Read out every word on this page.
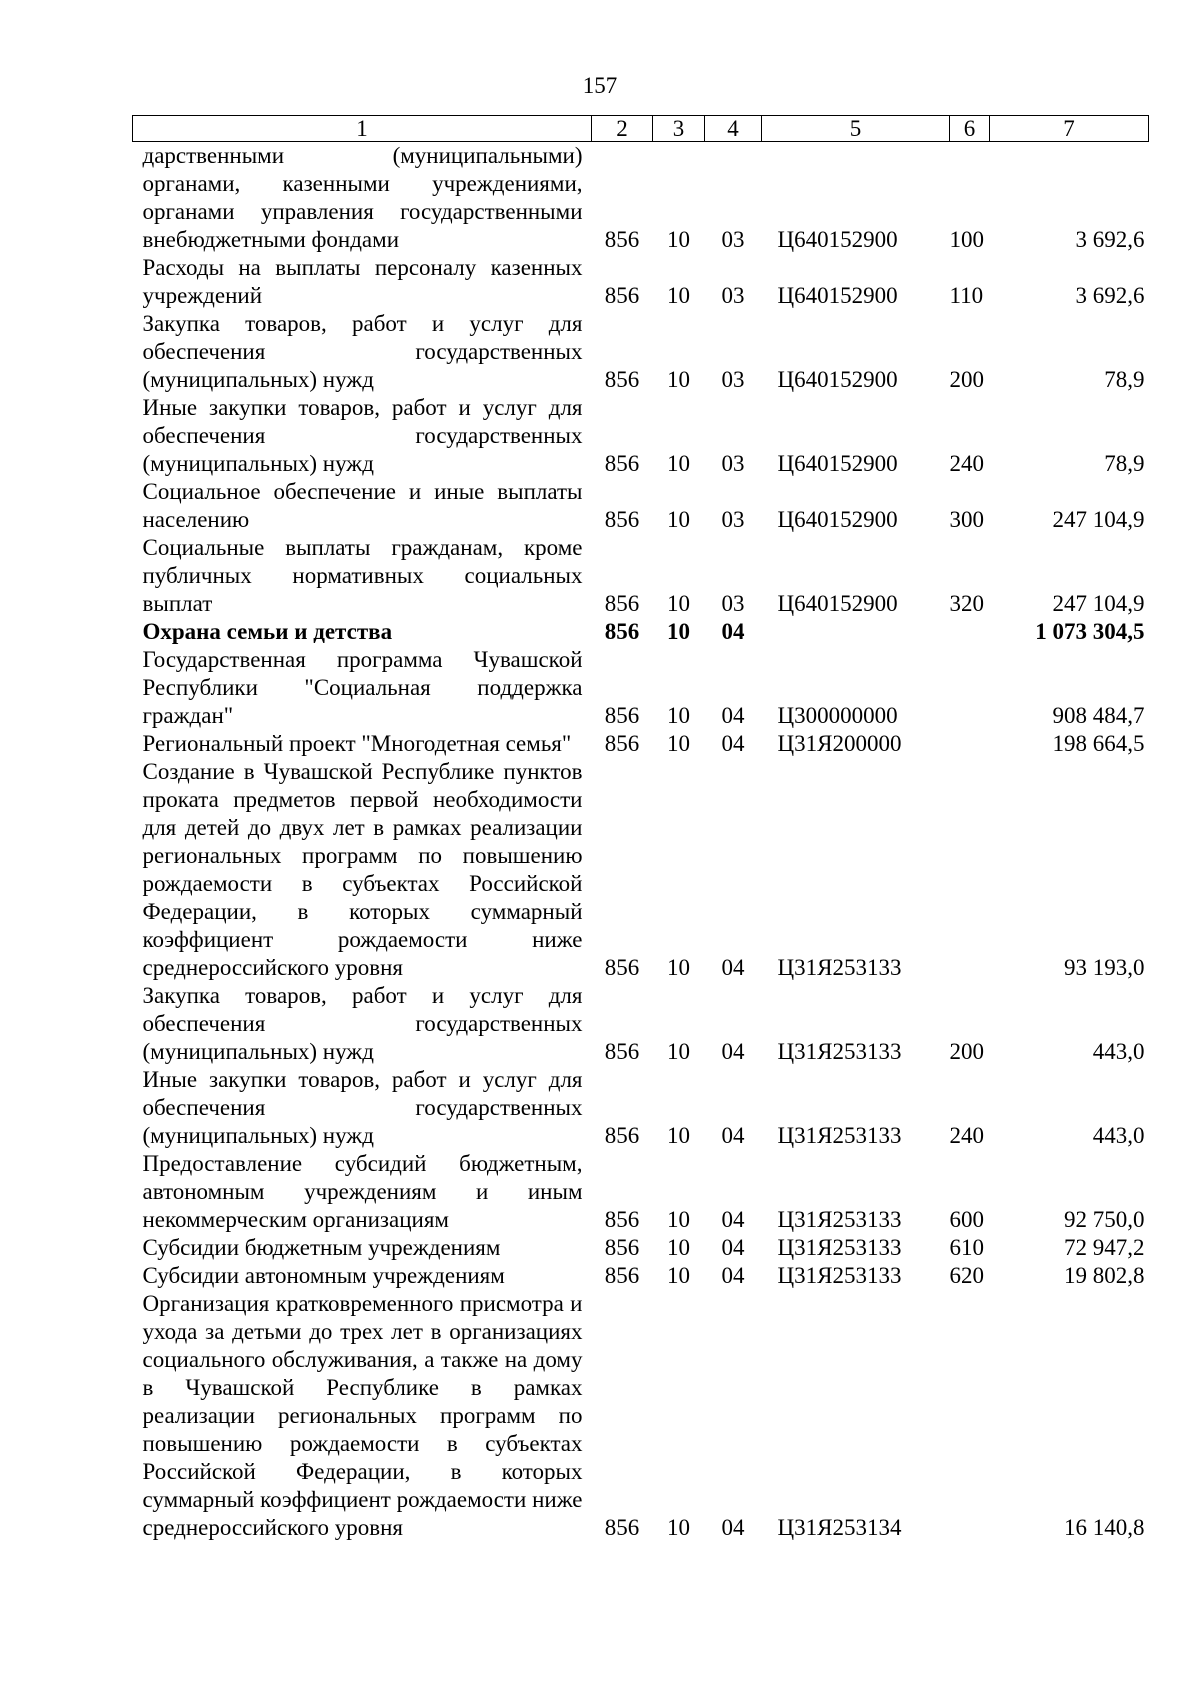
157
1	2	3	4	5	6	7
дарственными (муниципальными) органами, казенными учреждениями, органами управления государственными внебюджетными фондами	856	10	03	Ц640152900	100	3 692,6
Расходы на выплаты персоналу казенных учреждений	856	10	03	Ц640152900	110	3 692,6
Закупка товаров, работ и услуг для обеспечения государственных (муниципальных) нужд	856	10	03	Ц640152900	200	78,9
Иные закупки товаров, работ и услуг для обеспечения государственных (муниципальных) нужд	856	10	03	Ц640152900	240	78,9
Социальное обеспечение и иные выплаты населению	856	10	03	Ц640152900	300	247 104,9
Социальные выплаты гражданам, кроме публичных нормативных социальных выплат	856	10	03	Ц640152900	320	247 104,9
Охрана семьи и детства	856	10	04			1 073 304,5
Государственная программа Чувашской Республики "Социальная поддержка граждан"	856	10	04	Ц300000000		908 484,7
Региональный проект "Многодетная семья"	856	10	04	Ц31Я200000		198 664,5
Создание в Чувашской Республике пунктов проката предметов первой необходимости для детей до двух лет в рамках реализации региональных программ по повышению рождаемости в субъектах Российской Федерации, в которых суммарный коэффициент рождаемости ниже среднероссийского уровня	856	10	04	Ц31Я253133		93 193,0
Закупка товаров, работ и услуг для обеспечения государственных (муниципальных) нужд	856	10	04	Ц31Я253133	200	443,0
Иные закупки товаров, работ и услуг для обеспечения государственных (муниципальных) нужд	856	10	04	Ц31Я253133	240	443,0
Предоставление субсидий бюджетным, автономным учреждениям и иным некоммерческим организациям	856	10	04	Ц31Я253133	600	92 750,0
Субсидии бюджетным учреждениям	856	10	04	Ц31Я253133	610	72 947,2
Субсидии автономным учреждениям	856	10	04	Ц31Я253133	620	19 802,8
Организация кратковременного присмотра и ухода за детьми до трех лет в организациях социального обслуживания, а также на дому в Чувашской Республике в рамках реализации региональных программ по повышению рождаемости в субъектах Российской Федерации, в которых суммарный коэффициент рождаемости ниже среднероссийского уровня	856	10	04	Ц31Я253134		16 140,8
